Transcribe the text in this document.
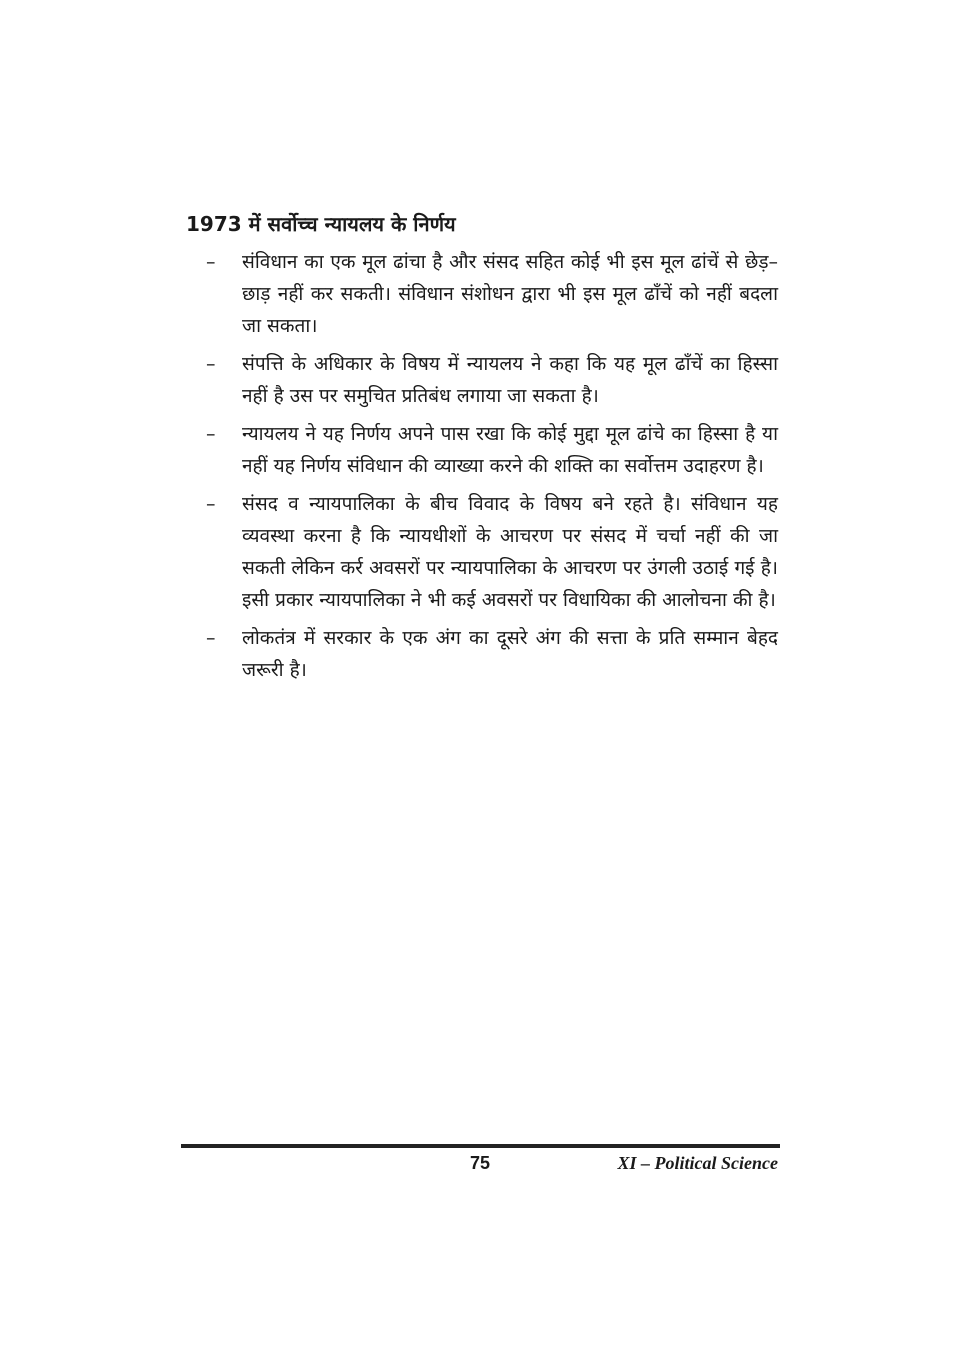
1973 में सर्वोच्च न्यायलय के निर्णय
– संविधान का एक मूल ढांचा है और संसद सहित कोई भी इस मूल ढांचें से छेड़–छाड़ नहीं कर सकती। संविधान संशोधन द्वारा भी इस मूल ढाँचें को नहीं बदला जा सकता।
– संपत्ति के अधिकार के विषय में न्यायलय ने कहा कि यह मूल ढाँचें का हिस्सा नहीं है उस पर समुचित प्रतिबंध लगाया जा सकता है।
– न्यायलय ने यह निर्णय अपने पास रखा कि कोई मुद्दा मूल ढांचे का हिस्सा है या नहीं यह निर्णय संविधान की व्याख्या करने की शक्ति का सर्वोत्तम उदाहरण है।
– संसद व न्यायपालिका के बीच विवाद के विषय बने रहते है। संविधान यह व्यवस्था करना है कि न्यायधीशों के आचरण पर संसद में चर्चा नहीं की जा सकती लेकिन कर्र अवसरों पर न्यायपालिका के आचरण पर उंगली उठाई गई है। इसी प्रकार न्यायपालिका ने भी कई अवसरों पर विधायिका की आलोचना की है।
– लोकतंत्र में सरकार के एक अंग का दूसरे अंग की सत्ता के प्रति सम्मान बेहद जरूरी है।
75	XI – Political Science
